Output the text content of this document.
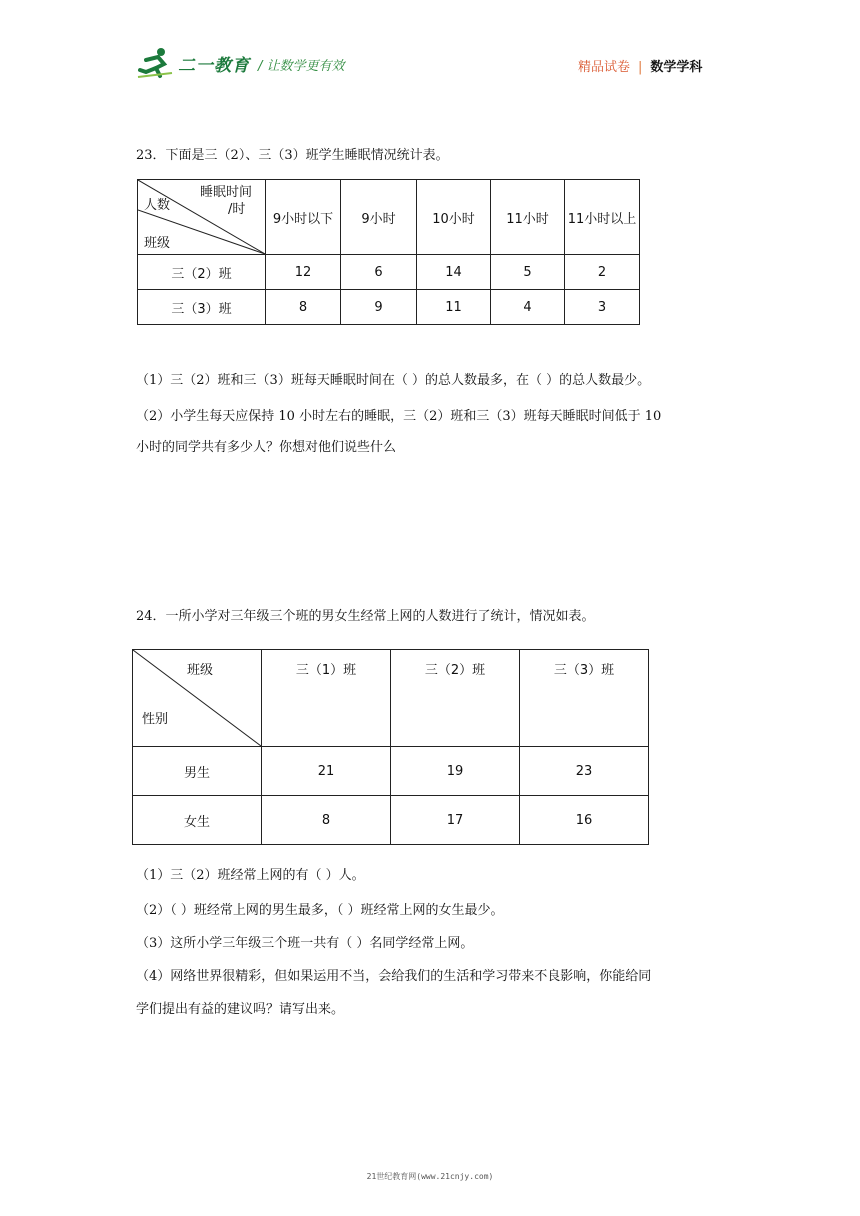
二一教育 / 让数学更有效	精品试卷 | 数学学科
23．下面是三（2）、三（3）班学生睡眠情况统计表。
睡眠时间
/时
人数
班级	9小时以下	9小时	10小时	11小时	11小时以上
三（2）班	12	6	14	5	2
三（3）班	8	9	11	4	3
（1）三（2）班和三（3）班每天睡眠时间在（ ）的总人数最多，在（ ）的总人数最少。
（2）小学生每天应保持 10 小时左右的睡眠，三（2）班和三（3）班每天睡眠时间低于 10
小时的同学共有多少人？你想对他们说些什么
24．一所小学对三年级三个班的男女生经常上网的人数进行了统计，情况如表。
班级
性别	三（1）班	三（2）班	三（3）班
男生	21	19	23
女生	8	17	16
（1）三（2）班经常上网的有（ ）人。
（2）（ ）班经常上网的男生最多，（ ）班经常上网的女生最少。
（3）这所小学三年级三个班一共有（ ）名同学经常上网。
（4）网络世界很精彩，但如果运用不当，会给我们的生活和学习带来不良影响，你能给同
学们提出有益的建议吗？请写出来。
21世纪教育网(www.21cnjy.com)
